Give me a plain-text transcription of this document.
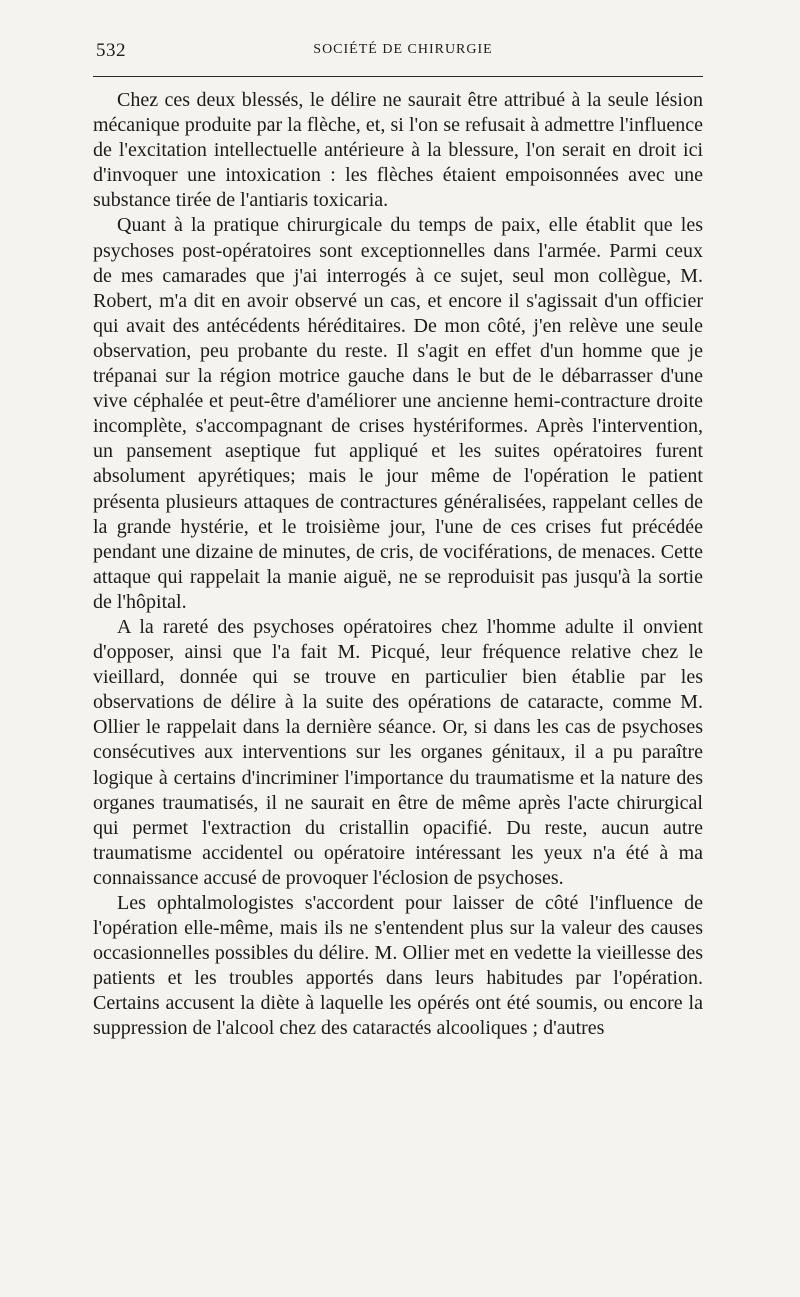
532	SOCIÉTÉ DE CHIRURGIE

Chez ces deux blessés, le délire ne saurait être attribué à la seule lésion mécanique produite par la flèche, et, si l'on se refusait à admettre l'influence de l'excitation intellectuelle antérieure à la blessure, l'on serait en droit ici d'invoquer une intoxication : les flèches étaient empoisonnées avec une substance tirée de l'antiaris toxicaria.

Quant à la pratique chirurgicale du temps de paix, elle établit que les psychoses post-opératoires sont exceptionnelles dans l'armée. Parmi ceux de mes camarades que j'ai interrogés à ce sujet, seul mon collègue, M. Robert, m'a dit en avoir observé un cas, et encore il s'agissait d'un officier qui avait des antécédents héréditaires. De mon côté, j'en relève une seule observation, peu probante du reste. Il s'agit en effet d'un homme que je trépanai sur la région motrice gauche dans le but de le débarrasser d'une vive céphalée et peut-être d'améliorer une ancienne hemi-contracture droite incomplète, s'accompagnant de crises hystériformes. Après l'intervention, un pansement aseptique fut appliqué et les suites opératoires furent absolument apyrétiques; mais le jour même de l'opération le patient présenta plusieurs attaques de contractures généralisées, rappelant celles de la grande hystérie, et le troisième jour, l'une de ces crises fut précédée pendant une dizaine de minutes, de cris, de vociférations, de menaces. Cette attaque qui rappelait la manie aiguë, ne se reproduisit pas jusqu'à la sortie de l'hôpital.

A la rareté des psychoses opératoires chez l'homme adulte il onvient d'opposer, ainsi que l'a fait M. Picqué, leur fréquence relative chez le vieillard, donnée qui se trouve en particulier bien établie par les observations de délire à la suite des opérations de cataracte, comme M. Ollier le rappelait dans la dernière séance. Or, si dans les cas de psychoses consécutives aux interventions sur les organes génitaux, il a pu paraître logique à certains d'incriminer l'importance du traumatisme et la nature des organes traumatisés, il ne saurait en être de même après l'acte chirurgical qui permet l'extraction du cristallin opacifié. Du reste, aucun autre traumatisme accidentel ou opératoire intéressant les yeux n'a été à ma connaissance accusé de provoquer l'éclosion de psychoses.

Les ophtalmologistes s'accordent pour laisser de côté l'influence de l'opération elle-même, mais ils ne s'entendent plus sur la valeur des causes occasionnelles possibles du délire. M. Ollier met en vedette la vieillesse des patients et les troubles apportés dans leurs habitudes par l'opération. Certains accusent la diète à laquelle les opérés ont été soumis, ou encore la suppression de l'alcool chez des cataractés alcooliques ; d'autres
